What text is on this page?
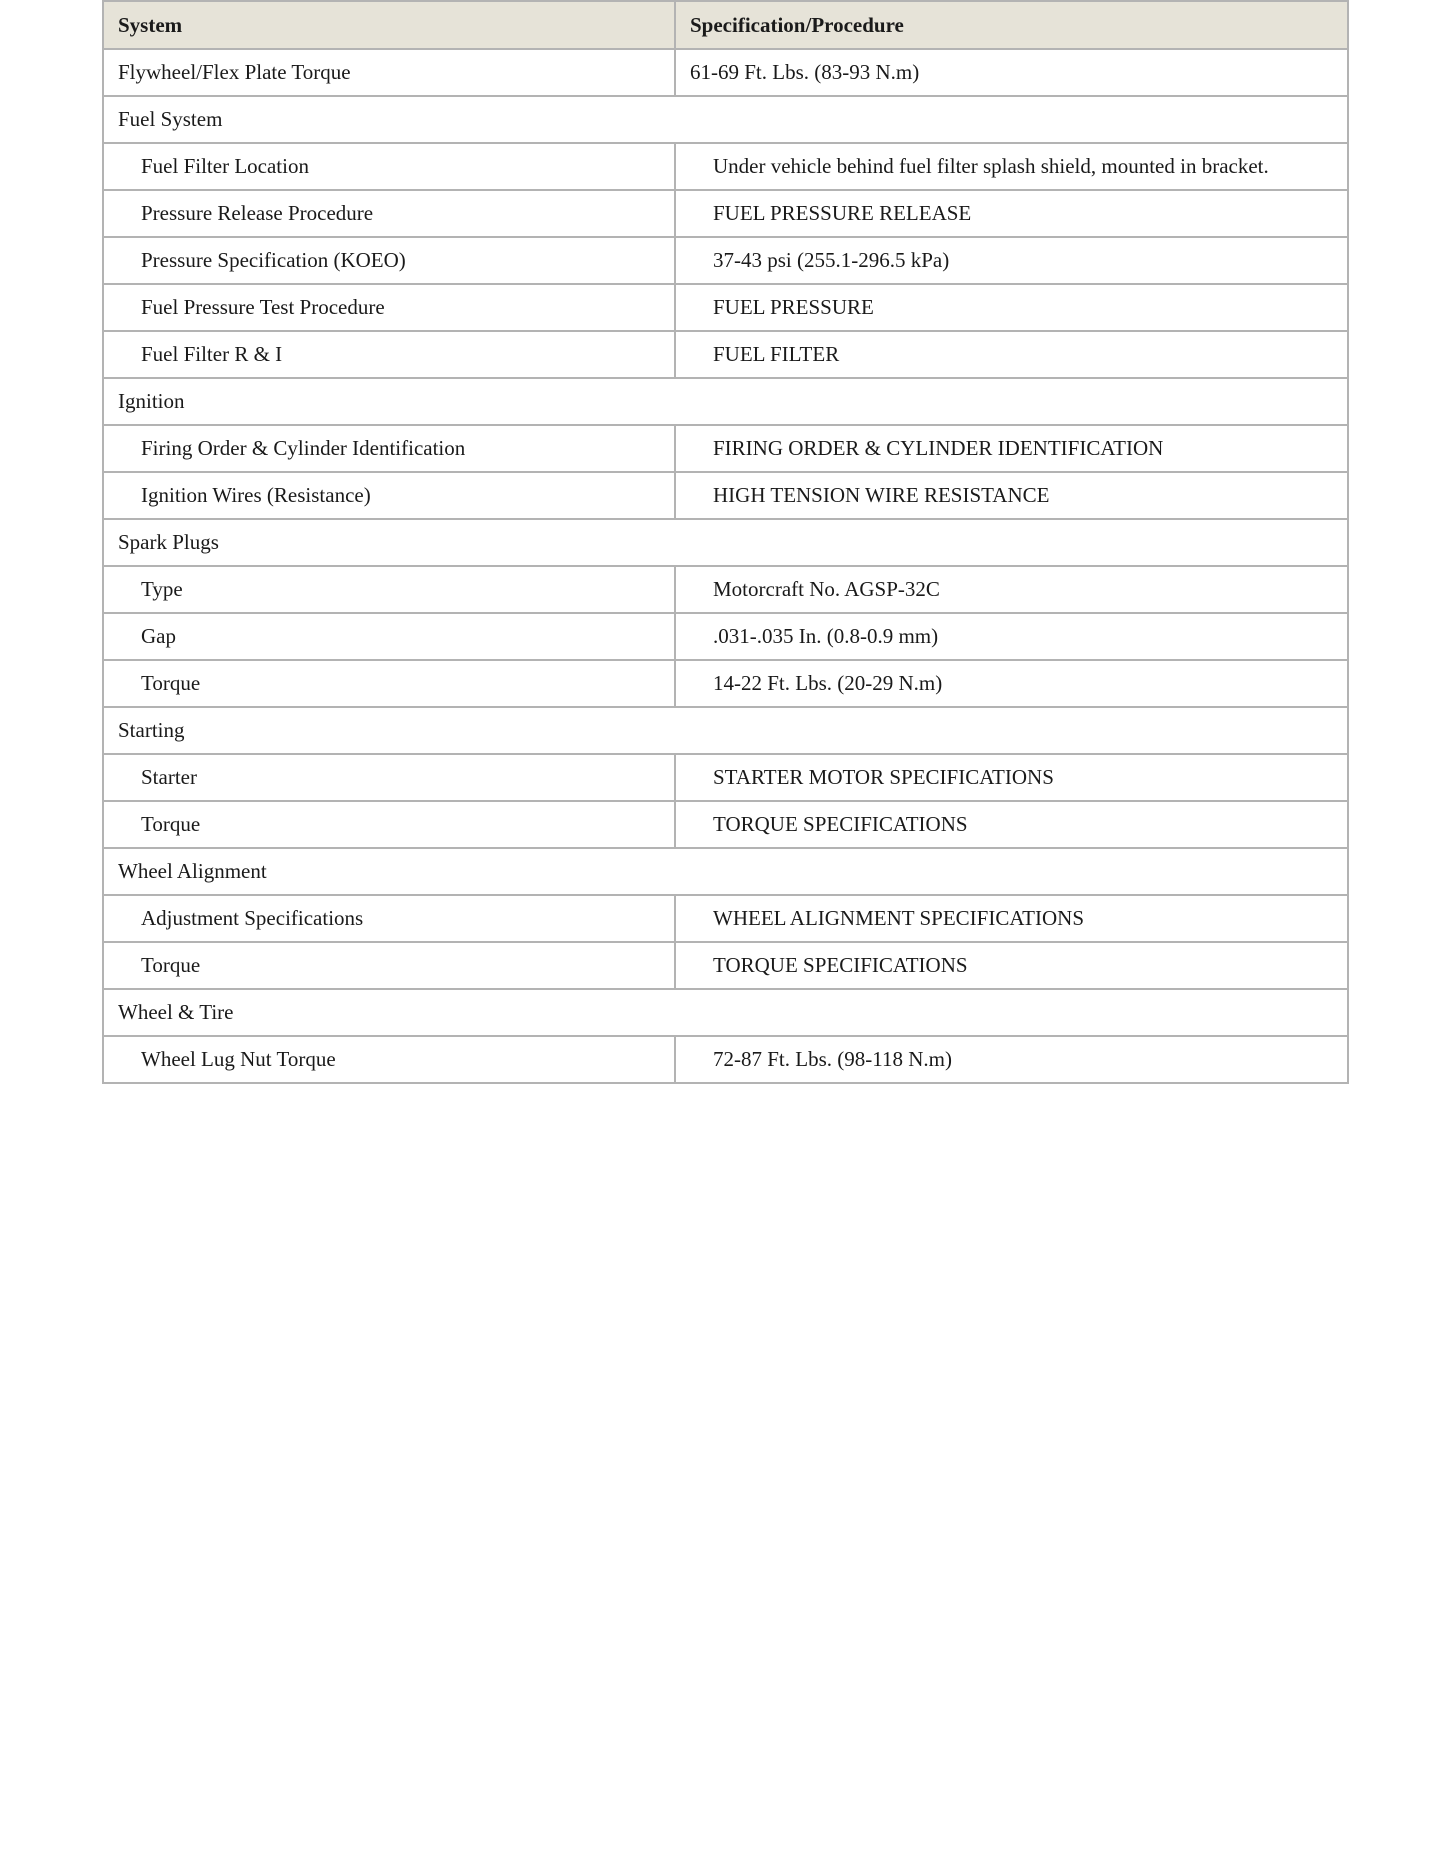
System	Specification/Procedure
Flywheel/Flex Plate Torque	61-69 Ft. Lbs. (83-93 N.m)
Fuel System	
Fuel Filter Location	Under vehicle behind fuel filter splash shield, mounted in bracket.
Pressure Release Procedure	FUEL PRESSURE RELEASE
Pressure Specification (KOEO)	37-43 psi (255.1-296.5 kPa)
Fuel Pressure Test Procedure	FUEL PRESSURE
Fuel Filter R & I	FUEL FILTER
Ignition	
Firing Order & Cylinder Identification	FIRING ORDER & CYLINDER IDENTIFICATION
Ignition Wires (Resistance)	HIGH TENSION WIRE RESISTANCE
Spark Plugs	
Type	Motorcraft No. AGSP-32C
Gap	.031-.035 In. (0.8-0.9 mm)
Torque	14-22 Ft. Lbs. (20-29 N.m)
Starting	
Starter	STARTER MOTOR SPECIFICATIONS
Torque	TORQUE SPECIFICATIONS
Wheel Alignment	
Adjustment Specifications	WHEEL ALIGNMENT SPECIFICATIONS
Torque	TORQUE SPECIFICATIONS
Wheel & Tire	
Wheel Lug Nut Torque	72-87 Ft. Lbs. (98-118 N.m)
